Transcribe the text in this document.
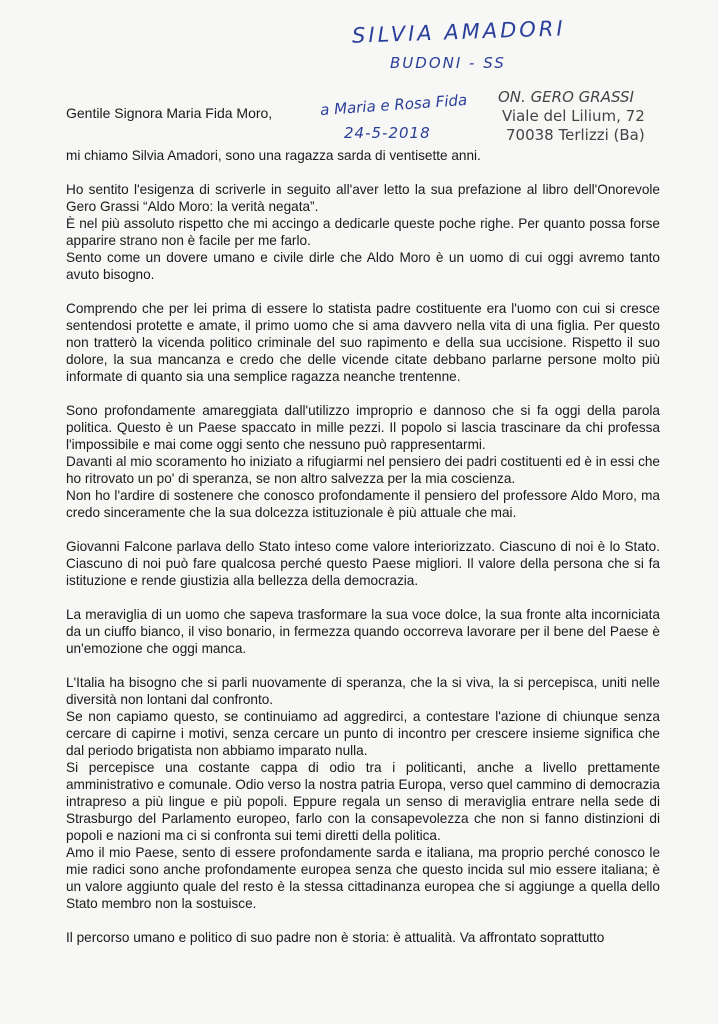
SILVIA AMADORI
BUDONI - SS
a Maria e Rosa Fida
24-5-2018
ON. GERO GRASSI
Viale del Lilium, 72
70038 Terlizzi (Ba)
Gentile Signora Maria Fida Moro,
mi chiamo Silvia Amadori, sono una ragazza sarda di ventisette anni.
Ho sentito l'esigenza di scriverle in seguito all'aver letto la sua prefazione al libro dell'Onorevole Gero Grassi “Aldo Moro: la verità negata”.
È nel più assoluto rispetto che mi accingo a dedicarle queste poche righe. Per quanto possa forse apparire strano non è facile per me farlo.
Sento come un dovere umano e civile dirle che Aldo Moro è un uomo di cui oggi avremo tanto avuto bisogno.
Comprendo che per lei prima di essere lo statista padre costituente era l'uomo con cui si cresce sentendosi protette e amate, il primo uomo che si ama davvero nella vita di una figlia. Per questo non tratterò la vicenda politico criminale del suo rapimento e della sua uccisione. Rispetto il suo dolore, la sua mancanza e credo che delle vicende citate debbano parlarne persone molto più informate di quanto sia una semplice ragazza neanche trentenne.
Sono profondamente amareggiata dall'utilizzo improprio e dannoso che si fa oggi della parola politica. Questo è un Paese spaccato in mille pezzi. Il popolo si lascia trascinare da chi professa l'impossibile e mai come oggi sento che nessuno può rappresentarmi.
Davanti al mio scoramento ho iniziato a rifugiarmi nel pensiero dei padri costituenti ed è in essi che ho ritrovato un po' di speranza, se non altro salvezza per la mia coscienza.
Non ho l'ardire di sostenere che conosco profondamente il pensiero del professore Aldo Moro, ma credo sinceramente che la sua dolcezza istituzionale è più attuale che mai.
Giovanni Falcone parlava dello Stato inteso come valore interiorizzato. Ciascuno di noi è lo Stato. Ciascuno di noi può fare qualcosa perché questo Paese migliori. Il valore della persona che si fa istituzione e rende giustizia alla bellezza della democrazia.
La meraviglia di un uomo che sapeva trasformare la sua voce dolce, la sua fronte alta incorniciata da un ciuffo bianco, il viso bonario, in fermezza quando occorreva lavorare per il bene del Paese è un'emozione che oggi manca.
L'Italia ha bisogno che si parli nuovamente di speranza, che la si viva, la si percepisca, uniti nelle diversità non lontani dal confronto.
Se non capiamo questo, se continuiamo ad aggredirci, a contestare l'azione di chiunque senza cercare di capirne i motivi, senza cercare un punto di incontro per crescere insieme significa che dal periodo brigatista non abbiamo imparato nulla.
Si percepisce una costante cappa di odio tra i politicanti, anche a livello prettamente amministrativo e comunale. Odio verso la nostra patria Europa, verso quel cammino di democrazia intrapreso a più lingue e più popoli. Eppure regala un senso di meraviglia entrare nella sede di Strasburgo del Parlamento europeo, farlo con la consapevolezza che non si fanno distinzioni di popoli e nazioni ma ci si confronta sui temi diretti della politica.
Amo il mio Paese, sento di essere profondamente sarda e italiana, ma proprio perché conosco le mie radici sono anche profondamente europea senza che questo incida sul mio essere italiana; è un valore aggiunto quale del resto è la stessa cittadinanza europea che si aggiunge a quella dello Stato membro non la sostuisce.
Il percorso umano e politico di suo padre non è storia: è attualità. Va affrontato soprattutto
